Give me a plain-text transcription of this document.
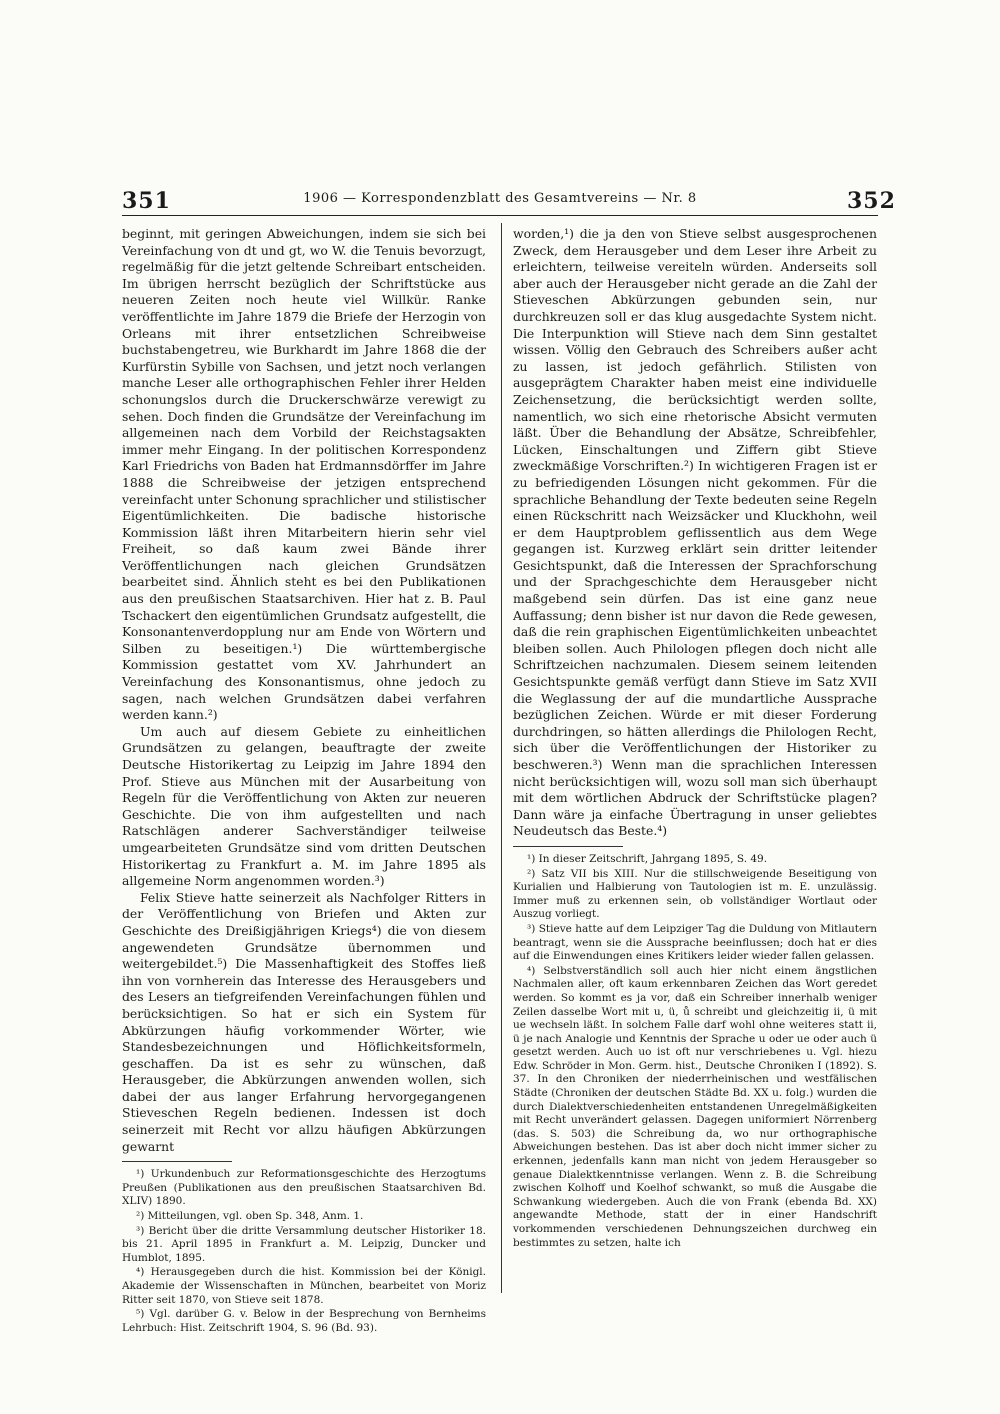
351	1906 — Korrespondenzblatt des Gesamtvereins — Nr. 8	352

beginnt, mit geringen Abweichungen, indem sie sich bei Vereinfachung von dt und gt, wo W. die Tenuis bevorzugt, regelmäßig für die jetzt geltende Schreibart entscheiden. Im übrigen herrscht bezüglich der Schriftstücke aus neueren Zeiten noch heute viel Willkür. Ranke veröffentlichte im Jahre 1879 die Briefe der Herzogin von Orleans mit ihrer entsetzlichen Schreibweise buchstabengetreu, wie Burkhardt im Jahre 1868 die der Kurfürstin Sybille von Sachsen, und jetzt noch verlangen manche Leser alle orthographischen Fehler ihrer Helden schonungslos durch die Druckerschwärze verewigt zu sehen. Doch finden die Grundsätze der Vereinfachung im allgemeinen nach dem Vorbild der Reichstagsakten immer mehr Eingang. In der politischen Korrespondenz Karl Friedrichs von Baden hat Erdmannsdörffer im Jahre 1888 die Schreibweise der jetzigen entsprechend vereinfacht unter Schonung sprachlicher und stilistischer Eigentümlichkeiten. Die badische historische Kommission läßt ihren Mitarbeitern hierin sehr viel Freiheit, so daß kaum zwei Bände ihrer Veröffentlichungen nach gleichen Grundsätzen bearbeitet sind. Ähnlich steht es bei den Publikationen aus den preußischen Staatsarchiven. Hier hat z. B. Paul Tschackert den eigentümlichen Grundsatz aufgestellt, die Konsonantenverdopplung nur am Ende von Wörtern und Silben zu beseitigen.¹) Die württembergische Kommission gestattet vom XV. Jahrhundert an Vereinfachung des Konsonantismus, ohne jedoch zu sagen, nach welchen Grundsätzen dabei verfahren werden kann.²)

Um auch auf diesem Gebiete zu einheitlichen Grundsätzen zu gelangen, beauftragte der zweite Deutsche Historikertag zu Leipzig im Jahre 1894 den Prof. Stieve aus München mit der Ausarbeitung von Regeln für die Veröffentlichung von Akten zur neueren Geschichte. Die von ihm aufgestellten und nach Ratschlägen anderer Sachverständiger teilweise umgearbeiteten Grundsätze sind vom dritten Deutschen Historikertag zu Frankfurt a. M. im Jahre 1895 als allgemeine Norm angenommen worden.³)

Felix Stieve hatte seinerzeit als Nachfolger Ritters in der Veröffentlichung von Briefen und Akten zur Geschichte des Dreißigjährigen Kriegs⁴) die von diesem angewendeten Grundsätze übernommen und weitergebildet.⁵) Die Massenhaftigkeit des Stoffes ließ ihn von vornherein das Interesse des Herausgebers und des Lesers an tiefgreifenden Vereinfachungen fühlen und berücksichtigen. So hat er sich ein System für Abkürzungen häufig vorkommender Wörter, wie Standesbezeichnungen und Höflichkeitsformeln, geschaffen. Da ist es sehr zu wünschen, daß Herausgeber, die Abkürzungen anwenden wollen, sich dabei der aus langer Erfahrung hervorgegangenen Stieveschen Regeln bedienen. Indessen ist doch seinerzeit mit Recht vor allzu häufigen Abkürzungen gewarnt

¹) Urkundenbuch zur Reformationsgeschichte des Herzogtums Preußen (Publikationen aus den preußischen Staatsarchiven Bd. XLIV) 1890.

²) Mitteilungen, vgl. oben Sp. 348, Anm. 1.

³) Bericht über die dritte Versammlung deutscher Historiker 18. bis 21. April 1895 in Frankfurt a. M. Leipzig, Duncker und Humblot, 1895.

⁴) Herausgegeben durch die hist. Kommission bei der Königl. Akademie der Wissenschaften in München, bearbeitet von Moriz Ritter seit 1870, von Stieve seit 1878.

⁵) Vgl. darüber G. v. Below in der Besprechung von Bernheims Lehrbuch: Hist. Zeitschrift 1904, S. 96 (Bd. 93).

worden,¹) die ja den von Stieve selbst ausgesprochenen Zweck, dem Herausgeber und dem Leser ihre Arbeit zu erleichtern, teilweise vereiteln würden. Anderseits soll aber auch der Herausgeber nicht gerade an die Zahl der Stieveschen Abkürzungen gebunden sein, nur durchkreuzen soll er das klug ausgedachte System nicht. Die Interpunktion will Stieve nach dem Sinn gestaltet wissen. Völlig den Gebrauch des Schreibers außer acht zu lassen, ist jedoch gefährlich. Stilisten von ausgeprägtem Charakter haben meist eine individuelle Zeichensetzung, die berücksichtigt werden sollte, namentlich, wo sich eine rhetorische Absicht vermuten läßt. Über die Behandlung der Absätze, Schreibfehler, Lücken, Einschaltungen und Ziffern gibt Stieve zweckmäßige Vorschriften.²) In wichtigeren Fragen ist er zu befriedigenden Lösungen nicht gekommen. Für die sprachliche Behandlung der Texte bedeuten seine Regeln einen Rückschritt nach Weizsäcker und Kluckhohn, weil er dem Hauptproblem geflissentlich aus dem Wege gegangen ist. Kurzweg erklärt sein dritter leitender Gesichtspunkt, daß die Interessen der Sprachforschung und der Sprachgeschichte dem Herausgeber nicht maßgebend sein dürfen. Das ist eine ganz neue Auffassung; denn bisher ist nur davon die Rede gewesen, daß die rein graphischen Eigentümlichkeiten unbeachtet bleiben sollen. Auch Philologen pflegen doch nicht alle Schriftzeichen nachzumalen. Diesem seinem leitenden Gesichtspunkte gemäß verfügt dann Stieve im Satz XVII die Weglassung der auf die mundartliche Aussprache bezüglichen Zeichen. Würde er mit dieser Forderung durchdringen, so hätten allerdings die Philologen Recht, sich über die Veröffentlichungen der Historiker zu beschweren.³) Wenn man die sprachlichen Interessen nicht berücksichtigen will, wozu soll man sich überhaupt mit dem wörtlichen Abdruck der Schriftstücke plagen? Dann wäre ja einfache Übertragung in unser geliebtes Neudeutsch das Beste.⁴)

¹) In dieser Zeitschrift, Jahrgang 1895, S. 49.

²) Satz VII bis XIII. Nur die stillschweigende Beseitigung von Kurialien und Halbierung von Tautologien ist m. E. unzulässig. Immer muß zu erkennen sein, ob vollständiger Wortlaut oder Auszug vorliegt.

³) Stieve hatte auf dem Leipziger Tag die Duldung von Mitlautern beantragt, wenn sie die Aussprache beeinflussen; doch hat er dies auf die Einwendungen eines Kritikers leider wieder fallen gelassen.

⁴) Selbstverständlich soll auch hier nicht einem ängstlichen Nachmalen aller, oft kaum erkennbaren Zeichen das Wort geredet werden. So kommt es ja vor, daß ein Schreiber innerhalb weniger Zeilen dasselbe Wort mit u, ü, ů schreibt und gleichzeitig ii, ü mit ue wechseln läßt. In solchem Falle darf wohl ohne weiteres statt ii, ü je nach Analogie und Kenntnis der Sprache u oder ue oder auch ü gesetzt werden. Auch uo ist oft nur verschriebenes u. Vgl. hiezu Edw. Schröder in Mon. Germ. hist., Deutsche Chroniken I (1892). S. 37. In den Chroniken der niederrheinischen und westfälischen Städte (Chroniken der deutschen Städte Bd. XX u. folg.) wurden die durch Dialektverschiedenheiten entstandenen Unregelmäßigkeiten mit Recht unverändert gelassen. Dagegen uniformiert Nörrenberg (das. S. 503) die Schreibung da, wo nur orthographische Abweichungen bestehen. Das ist aber doch nicht immer sicher zu erkennen, jedenfalls kann man nicht von jedem Herausgeber so genaue Dialektkenntnisse verlangen. Wenn z. B. die Schreibung zwischen Kolhoff und Koelhof schwankt, so muß die Ausgabe die Schwankung wiedergeben. Auch die von Frank (ebenda Bd. XX) angewandte Methode, statt der in einer Handschrift vorkommenden verschiedenen Dehnungszeichen durchweg ein bestimmtes zu setzen, halte ich
